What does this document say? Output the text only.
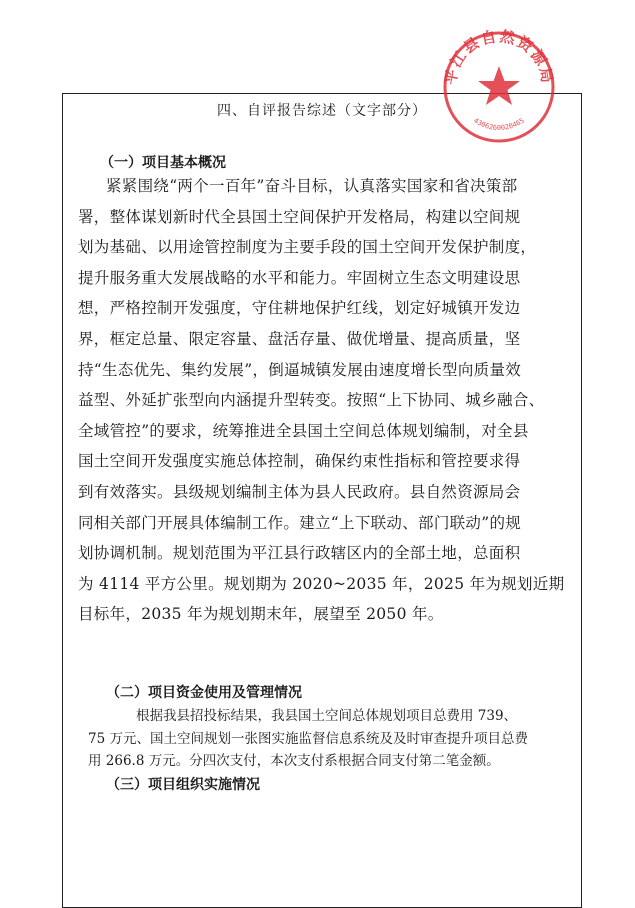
四、自评报告综述（文字部分）
（一）项目基本概况
紧紧围绕“两个一百年”奋斗目标，认真落实国家和省决策部
署，整体谋划新时代全县国土空间保护开发格局，构建以空间规
划为基础、以用途管控制度为主要手段的国土空间开发保护制度，
提升服务重大发展战略的水平和能力。牢固树立生态文明建设思
想，严格控制开发强度，守住耕地保护红线，划定好城镇开发边
界，框定总量、限定容量、盘活存量、做优增量、提高质量，坚
持“生态优先、集约发展”，倒逼城镇发展由速度增长型向质量效
益型、外延扩张型向内涵提升型转变。按照“上下协同、城乡融合、
全域管控”的要求，统筹推进全县国土空间总体规划编制，对全县
国土空间开发强度实施总体控制，确保约束性指标和管控要求得
到有效落实。县级规划编制主体为县人民政府。县自然资源局会
同相关部门开展具体编制工作。建立“上下联动、部门联动”的规
划协调机制。规划范围为平江县行政辖区内的全部土地，总面积
为 4114 平方公里。规划期为 2020~2035 年，2025 年为规划近期
目标年，2035 年为规划期末年，展望至 2050 年。
（二）项目资金使用及管理情况
根据我县招投标结果，我县国土空间总体规划项目总费用 739、
75 万元、国土空间规划一张图实施监督信息系统及及时审查提升项目总费
用 266.8 万元。分四次支付，本次支付系根据合同支付第二笔金额。
（三）项目组织实施情况
平江县自然资源局
4306260020465
